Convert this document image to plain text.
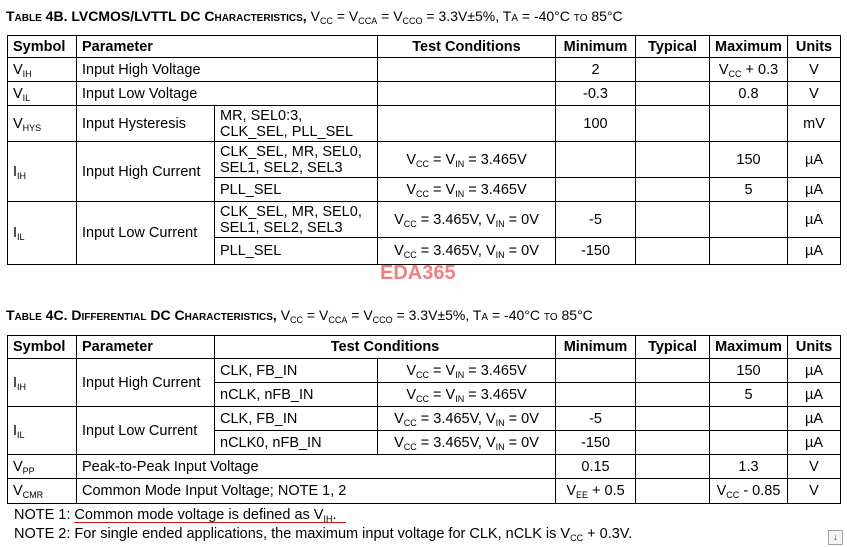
Table 4B. LVCMOS/LVTTL DC Characteristics, $V_{CC} = V_{CCA} = V_{CCO} = 3.3V\pm 5\%$, Ta = -40°C to 85°C
Symbol	Parameter		Test Conditions	Minimum	Typical	Maximum	Units
$V_{IH}$	Input High Voltage			2		$V_{CC} + 0.3$	V
$V_{IL}$	Input Low Voltage			-0.3		0.8	V
$V_{HYS}$	Input Hysteresis	MR, SEL0:3,
CLK_SEL, PLL_SEL		100			mV
$I_{IH}$	Input High Current	CLK_SEL, MR, SEL0,
SEL1, SEL2, SEL3	$V_{CC} = V_{IN} = 3.465V$			150	µA
		PLL_SEL	$V_{CC} = V_{IN} = 3.465V$			5	µA
$I_{IL}$	Input Low Current	CLK_SEL, MR, SEL0,
SEL1, SEL2, SEL3	$V_{CC} = 3.465V$, $V_{IN} = 0V$	-5			µA
		PLL_SEL	$V_{CC} = 3.465V$, $V_{IN} = 0V$	-150			µA
EDA365
Table 4C. Differential DC Characteristics, $V_{CC} = V_{CCA} = V_{CCO} = 3.3V\pm 5\%$, Ta = -40°C to 85°C
Symbol	Parameter	Test Conditions		Minimum	Typical	Maximum	Units
$I_{IH}$	Input High Current	CLK, FB_IN	$V_{CC} = V_{IN} = 3.465V$			150	µA
		nCLK, nFB_IN	$V_{CC} = V_{IN} = 3.465V$			5	µA
$I_{IL}$	Input Low Current	CLK, FB_IN	$V_{CC} = 3.465V$, $V_{IN} = 0V$	-5			µA
		nCLK0, nFB_IN	$V_{CC} = 3.465V$, $V_{IN} = 0V$	-150			µA
$V_{PP}$	Peak-to-Peak Input Voltage			0.15		1.3	V
$V_{CMR}$	Common Mode Input Voltage; NOTE 1, 2			$V_{EE} + 0.5$		$V_{CC} - 0.85$	V
NOTE 1: Common mode voltage is defined as $V_{IH}$.
NOTE 2: For single ended applications, the maximum input voltage for CLK, nCLK is $V_{CC} + 0.3V$.	↓
